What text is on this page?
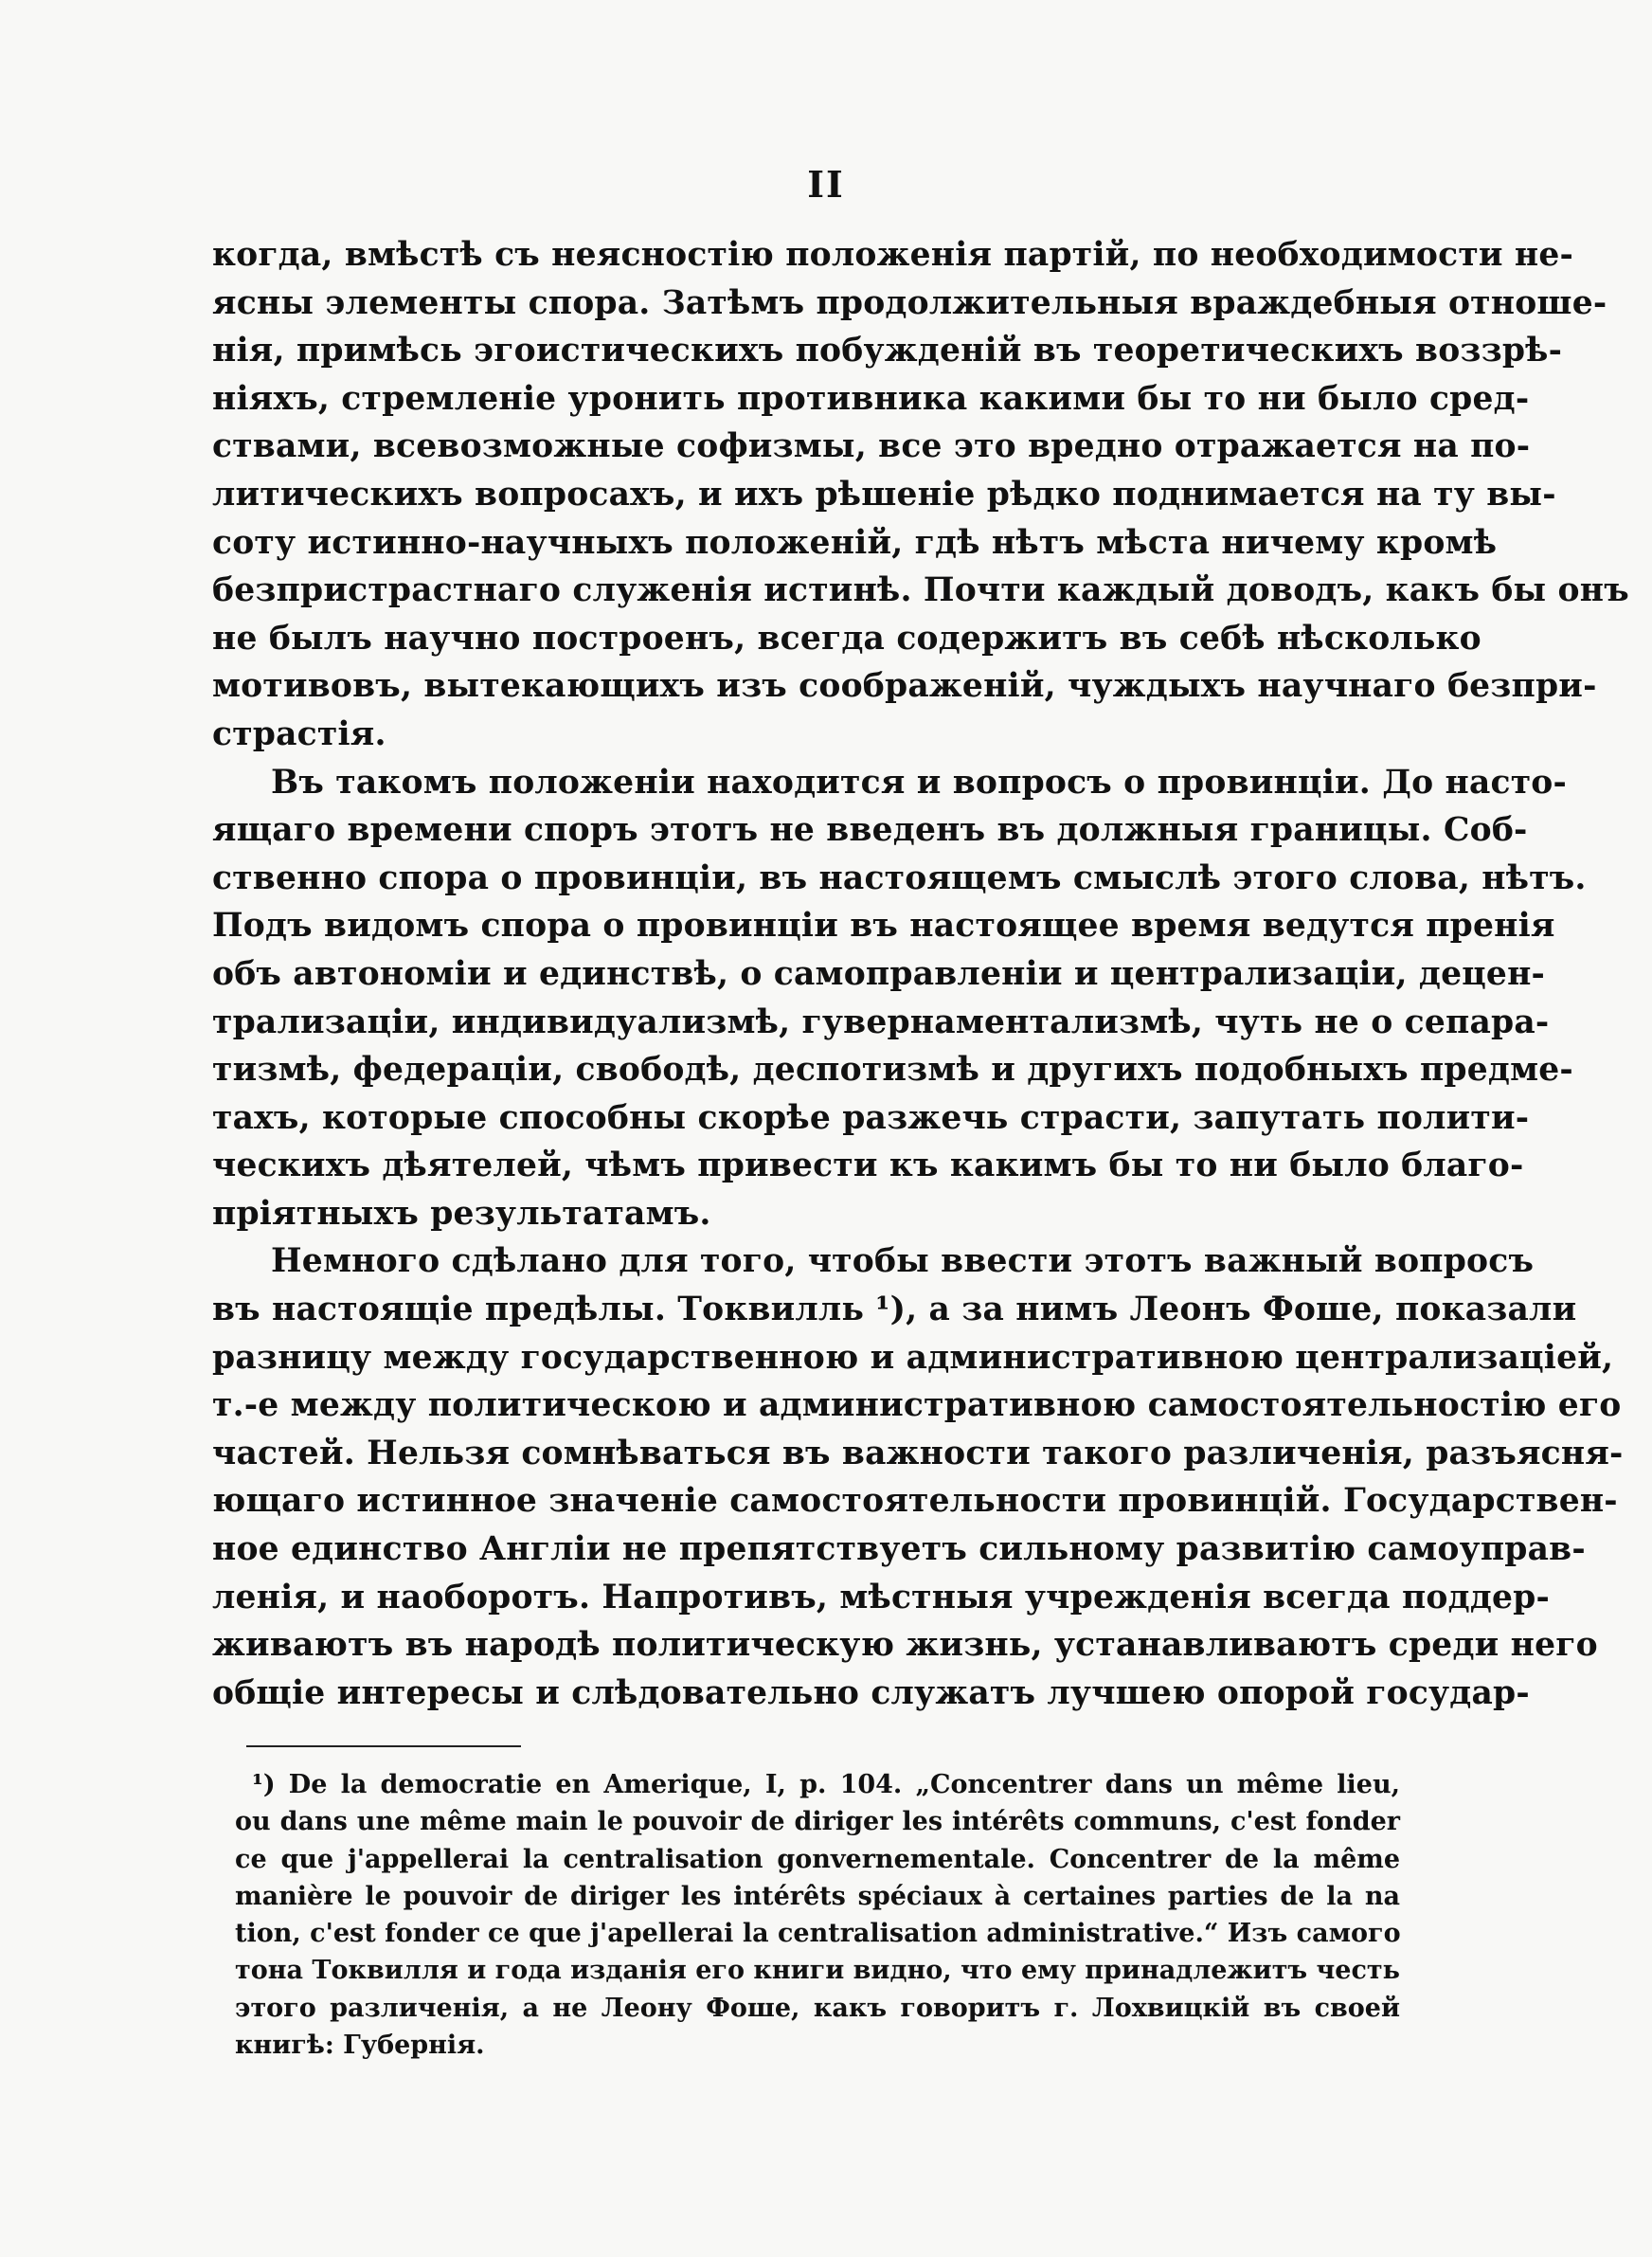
II
когда, вмѣстѣ съ неясностію положенія партій, по необходимости не-
ясны элементы спора. Затѣмъ продолжительныя враждебныя отноше-
нія, примѣсь эгоистическихъ побужденій въ теоретическихъ воззрѣ-
ніяхъ, стремленіе уронить противника какими бы то ни было сред-
ствами, всевозможные софизмы, все это вредно отражается на по-
литическихъ вопросахъ, и ихъ рѣшеніе рѣдко поднимается на ту вы-
соту истинно-научныхъ положеній, гдѣ нѣтъ мѣста ничему кромѣ
безпристрастнаго служенія истинѣ. Почти каждый доводъ, какъ бы онъ
не былъ научно построенъ, всегда содержитъ въ себѣ нѣсколько
мотивовъ, вытекающихъ изъ соображеній, чуждыхъ научнаго безпри-
страстія.
Въ такомъ положеніи находится и вопросъ о провинціи. До насто-
ящаго времени споръ этотъ не введенъ въ должныя границы. Соб-
ственно спора о провинціи, въ настоящемъ смыслѣ этого слова, нѣтъ.
Подъ видомъ спора о провинціи въ настоящее время ведутся пренія
объ автономіи и единствѣ, о самоправленіи и централизаціи, децен-
трализаціи, индивидуализмѣ, гувернаментализмѣ, чуть не о сепара-
тизмѣ, федераціи, свободѣ, деспотизмѣ и другихъ подобныхъ предме-
тахъ, которые способны скорѣе разжечь страсти, запутать полити-
ческихъ дѣятелей, чѣмъ привести къ какимъ бы то ни было благо-
пріятныхъ результатамъ.
Немного сдѣлано для того, чтобы ввести этотъ важный вопросъ
въ настоящіе предѣлы. Токвилль ¹), а за нимъ Леонъ Фоше, показали
разницу между государственною и административною централизаціей,
т.-е между политическою и административною самостоятельностію его
частей. Нельзя сомнѣваться въ важности такого различенія, разъясня-
ющаго истинное значеніе самостоятельности провинцій. Государствен-
ное единство Англіи не препятствуетъ сильному развитію самоуправ-
ленія, и наоборотъ. Напротивъ, мѣстныя учрежденія всегда поддер-
живаютъ въ народѣ политическую жизнь, устанавливаютъ среди него
общіе интересы и слѣдовательно служатъ лучшею опорой государ-
¹) De la democratie en Amerique, I, p. 104. „Concentrer dans un même lieu,
ou dans une même main le pouvoir de diriger les intérêts communs, c'est fonder
ce que j'appellerai la centralisation gonvernementale. Concentrer de la même
manière le pouvoir de diriger les intérêts spéciaux à certaines parties de la na
tion, c'est fonder ce que j'apellerai la centralisation administrative.“ Изъ самого
тона Токвилля и года изданія его книги видно, что ему принадлежитъ честь
этого различенія, а не Леону Фоше, какъ говоритъ г. Лохвицкій въ своей
книгѣ: Губернія.
